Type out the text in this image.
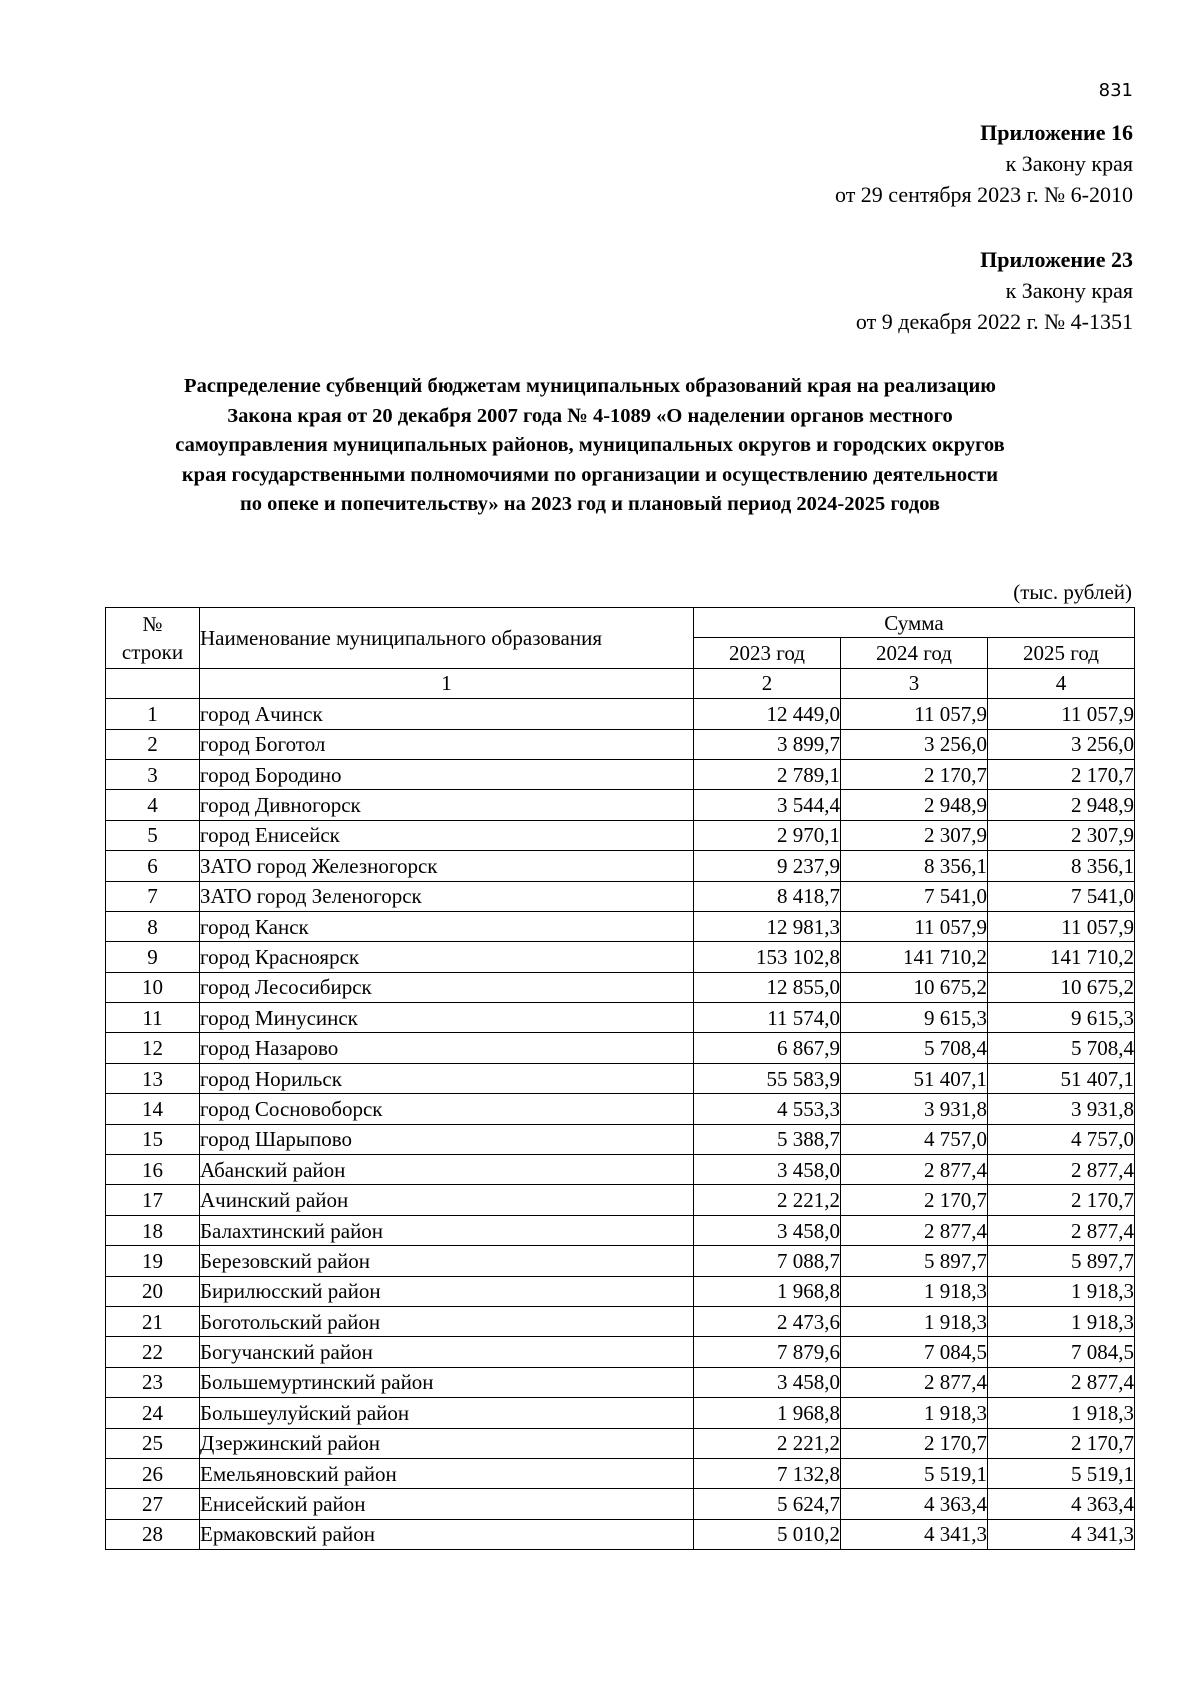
831
Приложение 16
к Закону края
от 29 сентября 2023 г. № 6-2010
Приложение 23
к Закону края
от 9 декабря 2022 г. № 4-1351
Распределение субвенций бюджетам муниципальных образований края на реализацию
Закона края от 20 декабря 2007 года № 4-1089 «О наделении органов местного
самоуправления муниципальных районов, муниципальных округов и городских округов
края государственными полномочиями по организации и осуществлению деятельности
по опеке и попечительству» на 2023 год и плановый период 2024-2025 годов
(тыс. рублей)
№
строки	Наименование муниципального образования	Сумма		
		2023 год	2024 год	2025 год
	1	2	3	4
1	город Ачинск	12 449,0	11 057,9	11 057,9
2	город Боготол	3 899,7	3 256,0	3 256,0
3	город Бородино	2 789,1	2 170,7	2 170,7
4	город Дивногорск	3 544,4	2 948,9	2 948,9
5	город Енисейск	2 970,1	2 307,9	2 307,9
6	ЗАТО город Железногорск	9 237,9	8 356,1	8 356,1
7	ЗАТО город Зеленогорск	8 418,7	7 541,0	7 541,0
8	город Канск	12 981,3	11 057,9	11 057,9
9	город Красноярск	153 102,8	141 710,2	141 710,2
10	город Лесосибирск	12 855,0	10 675,2	10 675,2
11	город Минусинск	11 574,0	9 615,3	9 615,3
12	город Назарово	6 867,9	5 708,4	5 708,4
13	город Норильск	55 583,9	51 407,1	51 407,1
14	город Сосновоборск	4 553,3	3 931,8	3 931,8
15	город Шарыпово	5 388,7	4 757,0	4 757,0
16	Абанский район	3 458,0	2 877,4	2 877,4
17	Ачинский район	2 221,2	2 170,7	2 170,7
18	Балахтинский район	3 458,0	2 877,4	2 877,4
19	Березовский район	7 088,7	5 897,7	5 897,7
20	Бирилюсский район	1 968,8	1 918,3	1 918,3
21	Боготольский район	2 473,6	1 918,3	1 918,3
22	Богучанский район	7 879,6	7 084,5	7 084,5
23	Большемуртинский район	3 458,0	2 877,4	2 877,4
24	Большеулуйский район	1 968,8	1 918,3	1 918,3
25	Дзержинский район	2 221,2	2 170,7	2 170,7
26	Емельяновский район	7 132,8	5 519,1	5 519,1
27	Енисейский район	5 624,7	4 363,4	4 363,4
28	Ермаковский район	5 010,2	4 341,3	4 341,3
